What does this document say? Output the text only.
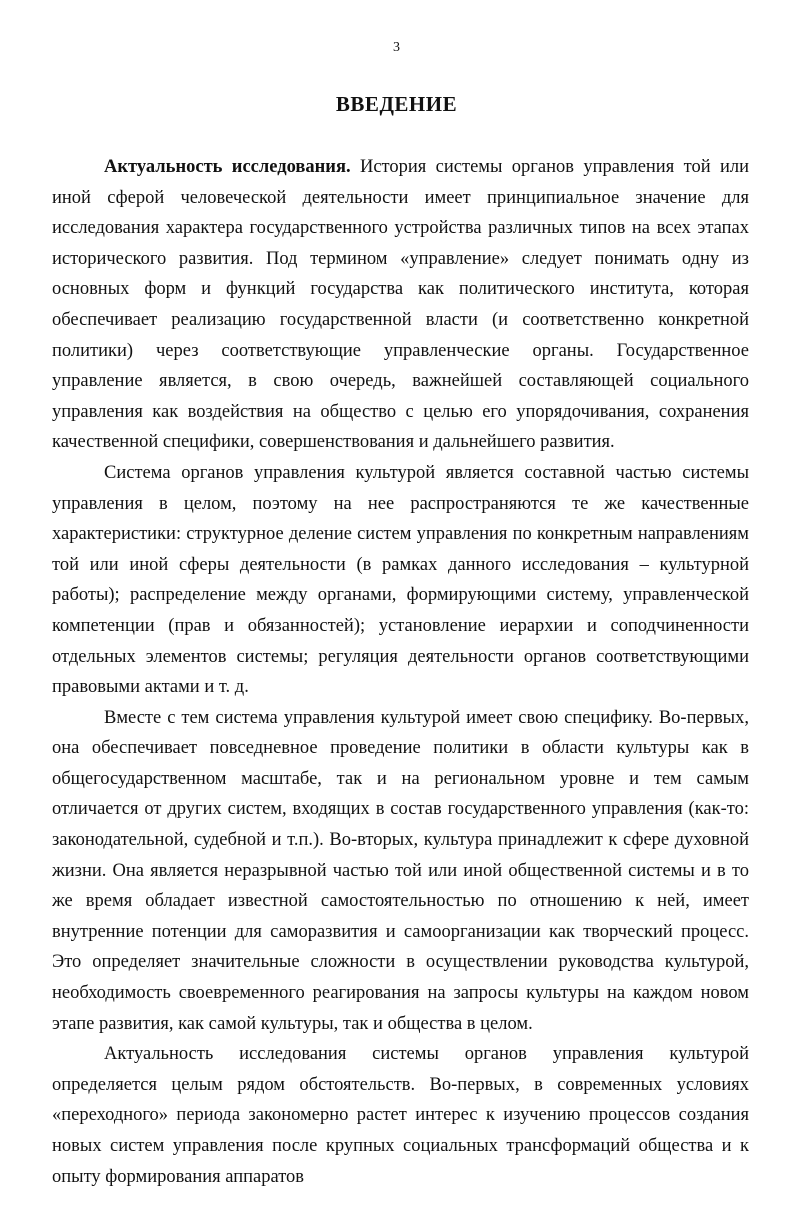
3
ВВЕДЕНИЕ

Актуальность исследования. История системы органов управления той или иной сферой человеческой деятельности имеет принципиальное значение для исследования характера государственного устройства различных типов на всех этапах исторического развития. Под термином «управление» следует понимать одну из основных форм и функций государства как политического института, которая обеспечивает реализацию государственной власти (и соответственно конкретной политики) через соответствующие управленческие органы. Государственное управление является, в свою очередь, важнейшей составляющей социального управления как воздействия на общество с целью его упорядочивания, сохранения качественной специфики, совершенствования и дальнейшего развития.

Система органов управления культурой является составной частью системы управления в целом, поэтому на нее распространяются те же качественные характеристики: структурное деление систем управления по конкретным направлениям той или иной сферы деятельности (в рамках данного исследования – культурной работы); распределение между органами, формирующими систему, управленческой компетенции (прав и обязанностей); установление иерархии и соподчиненности отдельных элементов системы; регуляция деятельности органов соответствующими правовыми актами и т. д.

Вместе с тем система управления культурой имеет свою специфику. Во-первых, она обеспечивает повседневное проведение политики в области культуры как в общегосударственном масштабе, так и на региональном уровне и тем самым отличается от других систем, входящих в состав государственного управления (как-то: законодательной, судебной и т.п.). Во-вторых, культура принадлежит к сфере духовной жизни. Она является неразрывной частью той или иной общественной системы и в то же время обладает известной самостоятельностью по отношению к ней, имеет внутренние потенции для саморазвития и самоорганизации как творческий процесс. Это определяет значительные сложности в осуществлении руководства культурой, необходимость своевременного реагирования на запросы культуры на каждом новом этапе развития, как самой культуры, так и общества в целом.

Актуальность исследования системы органов управления культурой определяется целым рядом обстоятельств. Во-первых, в современных условиях «переходного» периода закономерно растет интерес к изучению процессов создания новых систем управления после крупных социальных трансформаций общества и к опыту формирования аппаратов
